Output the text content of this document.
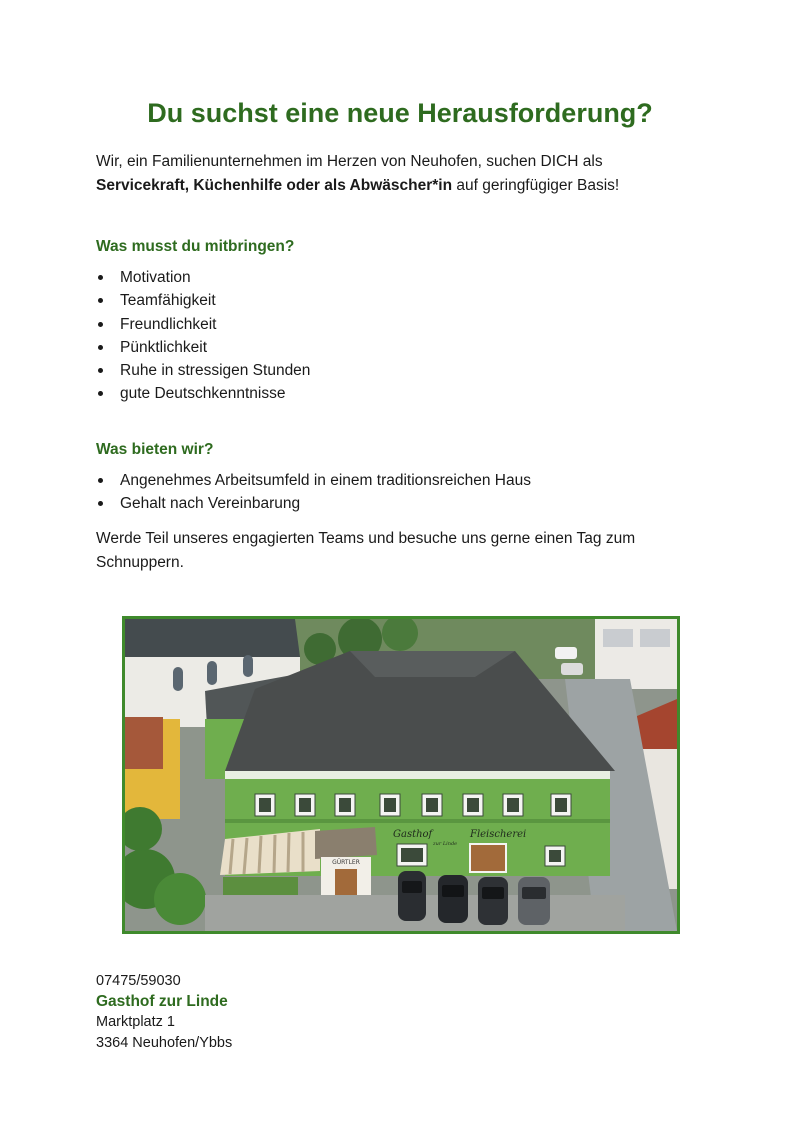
Du suchst eine neue Herausforderung?

Wir, ein Familienunternehmen im Herzen von Neuhofen, suchen DICH als
Servicekraft, Küchenhilfe oder als Abwäscher*in auf geringfügiger Basis!

Was musst du mitbringen?
Motivation
Teamfähigkeit
Freundlichkeit
Pünktlichkeit
Ruhe in stressigen Stunden
gute Deutschkenntnisse
Was bieten wir?
Angenehmes Arbeitsumfeld in einem traditionsreichen Haus
Gehalt nach Vereinbarung

Werde Teil unseres engagierten Teams und besuche uns gerne einen Tag zum
Schnuppern.

Gasthof
zur Linde
Fleischerei
GÜRTLER
07475/59030
Gasthof zur Linde
Marktplatz 1
3364 Neuhofen/Ybbs
